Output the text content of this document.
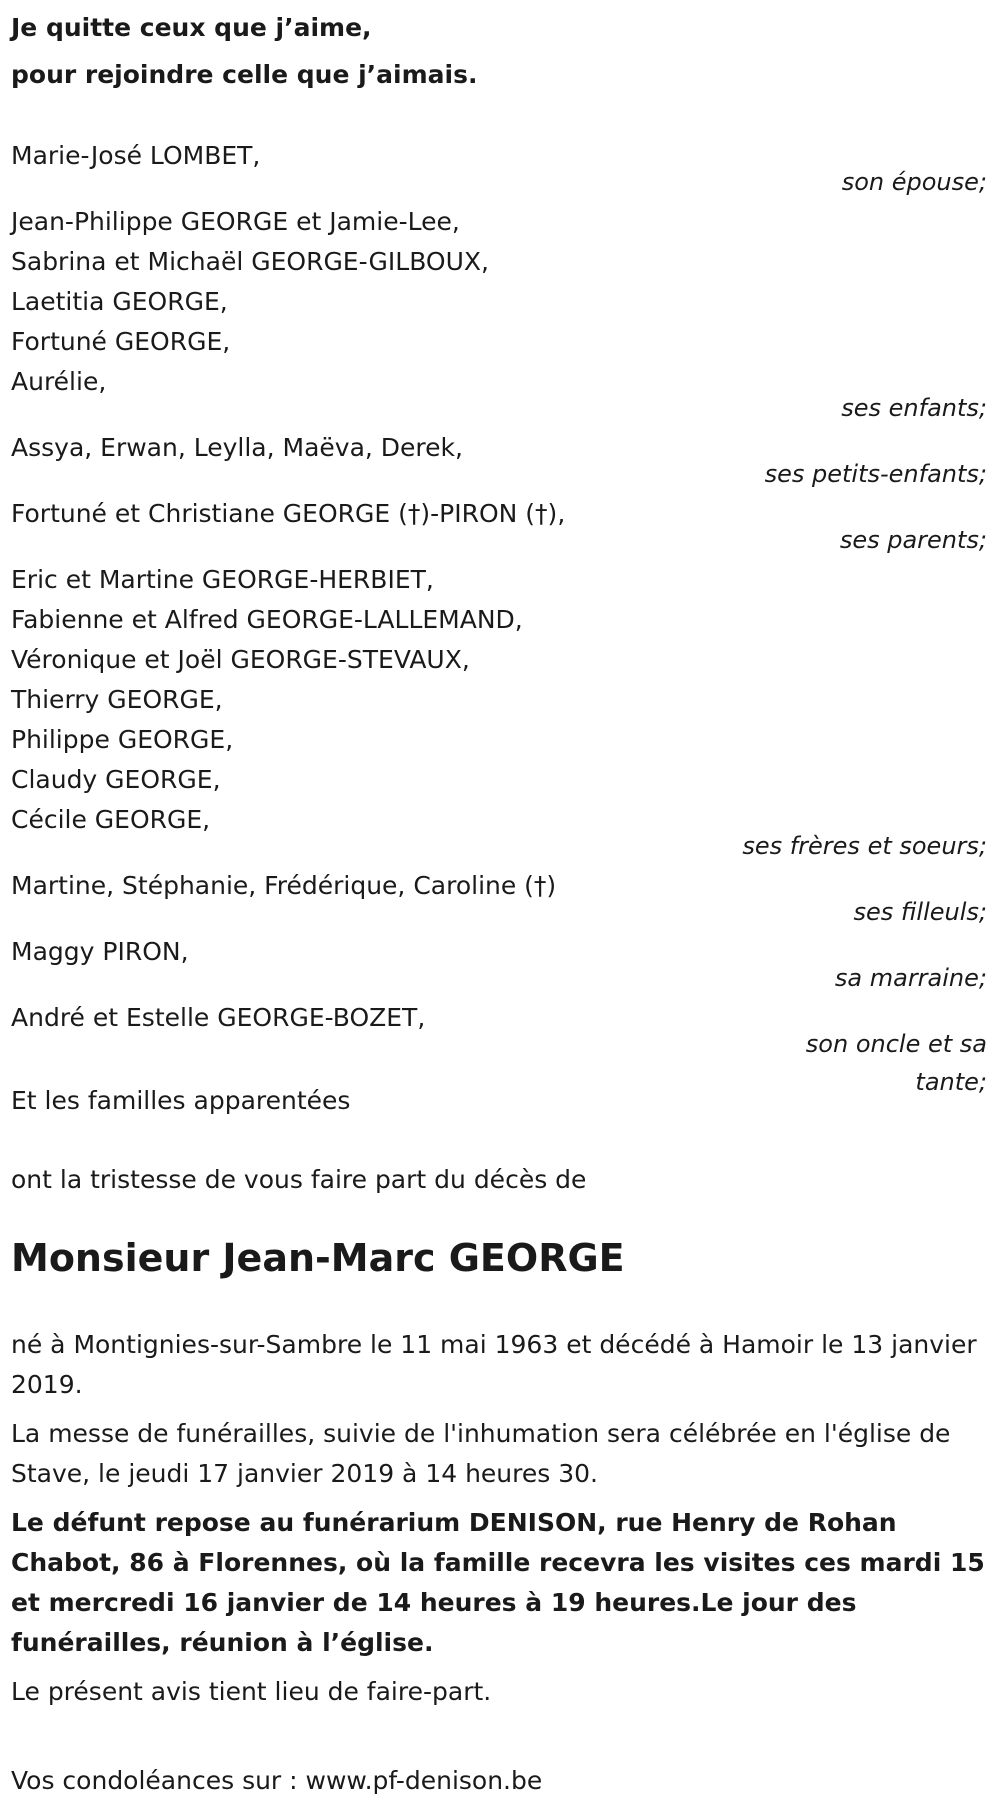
Je quitte ceux que j’aime,

pour rejoindre celle que j’aimais.

Marie-José LOMBET,
son épouse;
Jean-Philippe GEORGE et Jamie-Lee,
Sabrina et Michaël GEORGE-GILBOUX,
Laetitia GEORGE,
Fortuné GEORGE,
Aurélie,
ses enfants;
Assya, Erwan, Leylla, Maëva, Derek,
ses petits-enfants;
Fortuné et Christiane GEORGE (†)-PIRON (†),
ses parents;
Eric et Martine GEORGE-HERBIET,
Fabienne et Alfred GEORGE-LALLEMAND,
Véronique et Joël GEORGE-STEVAUX,
Thierry GEORGE,
Philippe GEORGE,
Claudy GEORGE,
Cécile GEORGE,
ses frères et soeurs;
Martine, Stéphanie, Frédérique, Caroline (†)
ses filleuls;
Maggy PIRON,
sa marraine;
André et Estelle GEORGE-BOZET,
son oncle et sa
tante;
Et les familles apparentées
ont la tristesse de vous faire part du décès de
Monsieur Jean-Marc GEORGE
né à Montignies-sur-Sambre le 11 mai 1963 et décédé à Hamoir le 13 janvier 2019.
La messe de funérailles, suivie de l'inhumation sera célébrée en l'église de Stave, le jeudi 17 janvier 2019 à 14 heures 30.
Le défunt repose au funérarium DENISON, rue Henry de Rohan Chabot, 86 à Florennes, où la famille recevra les visites ces mardi 15 et mercredi 16 janvier de 14 heures à 19 heures.Le jour des funérailles, réunion à l’église.
Le présent avis tient lieu de faire-part.
Vos condoléances sur : www.pf-denison.be
